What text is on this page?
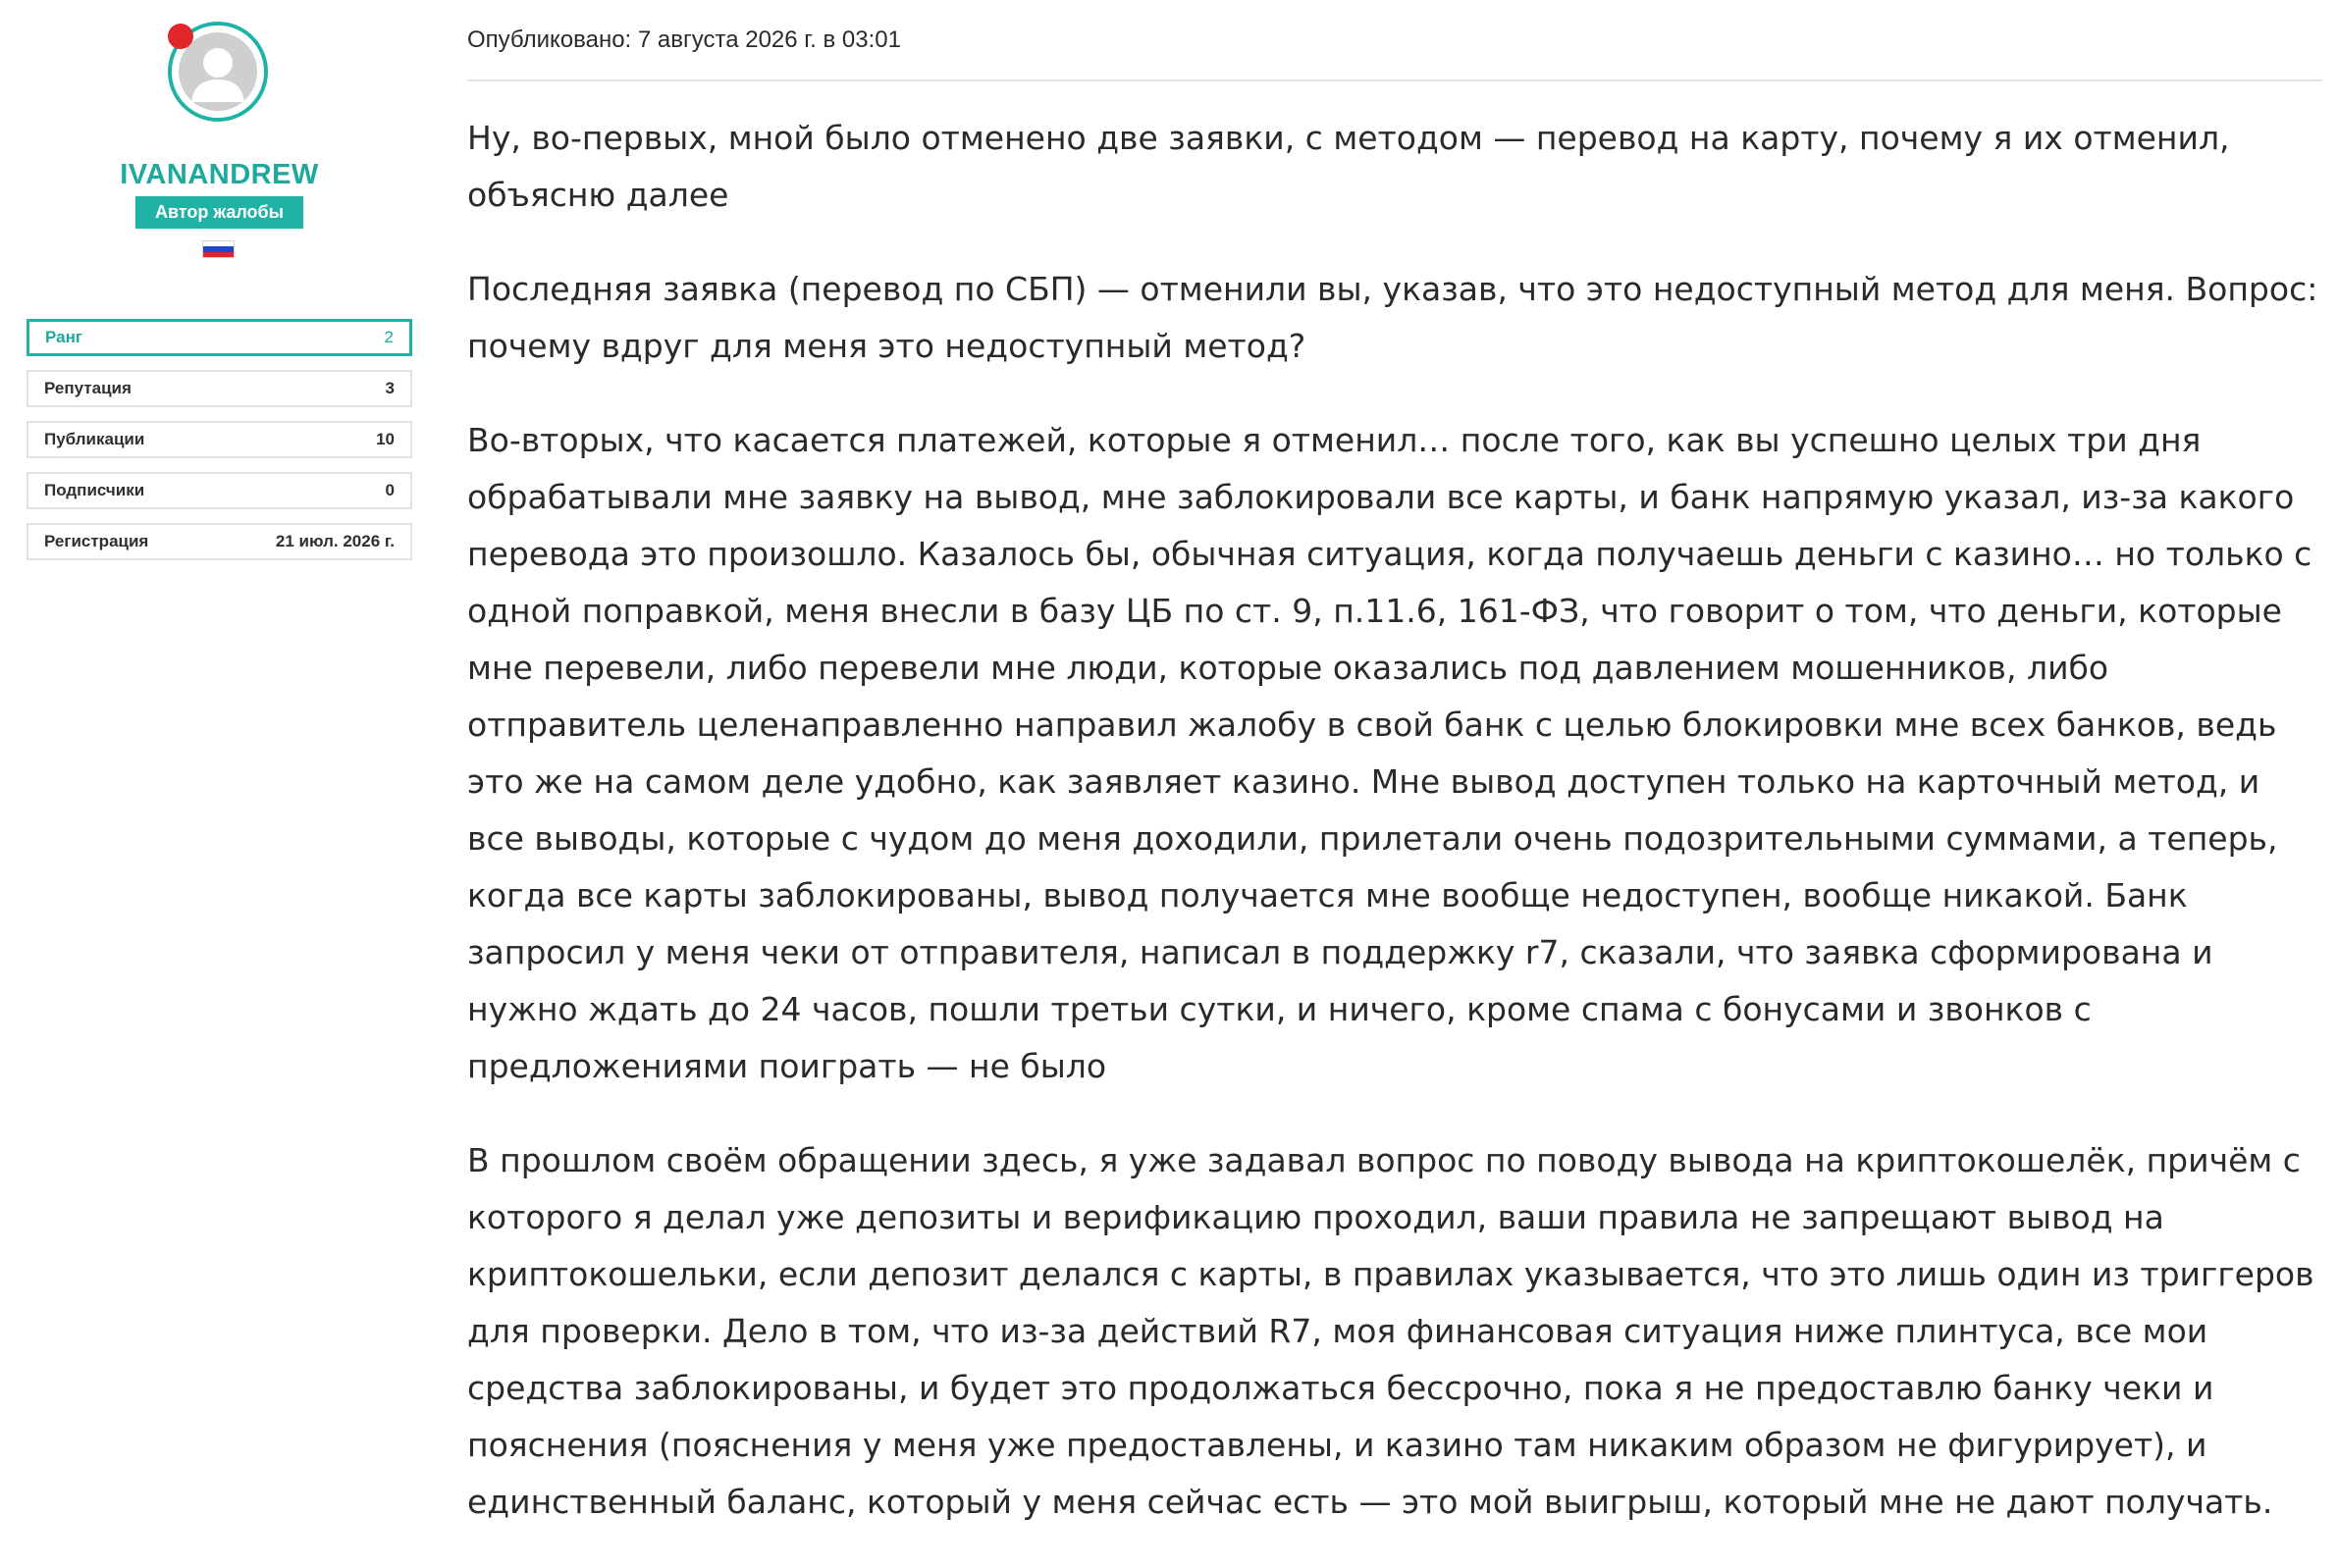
IVANANDREW
Автор жалобы
Ранг	2
Репутация	3
Публикации	10
Подписчики	0
Регистрация	21 июл. 2026 г.
Опубликовано: 7 августа 2026 г. в 03:01

Ну, во-первых, мной было отменено две заявки, с методом — перевод на карту, почему я их отменил, объясню далее

Последняя заявка (перевод по СБП) — отменили вы, указав, что это недоступный метод для меня. Вопрос: почему вдруг для меня это недоступный метод?

Во-вторых, что касается платежей, которые я отменил… после того, как вы успешно целых три дня обрабатывали мне заявку на вывод, мне заблокировали все карты, и банк напрямую указал, из-за какого перевода это произошло. Казалось бы, обычная ситуация, когда получаешь деньги с казино… но только с одной поправкой, меня внесли в базу ЦБ по ст. 9, п.11.6, 161-ФЗ, что говорит о том, что деньги, которые мне перевели, либо перевели мне люди, которые оказались под давлением мошенников, либо отправитель целенаправленно направил жалобу в свой банк с целью блокировки мне всех банков, ведь это же на самом деле удобно, как заявляет казино. Мне вывод доступен только на карточный метод, и все выводы, которые с чудом до меня доходили, прилетали очень подозрительными суммами, а теперь, когда все карты заблокированы, вывод получается мне вообще недоступен, вообще никакой. Банк запросил у меня чеки от отправителя, написал в поддержку r7, сказали, что заявка сформирована и нужно ждать до 24 часов, пошли третьи сутки, и ничего, кроме спама с бонусами и звонков с предложениями поиграть — не было

В прошлом своём обращении здесь, я уже задавал вопрос по поводу вывода на криптокошелёк, причём с которого я делал уже депозиты и верификацию проходил, ваши правила не запрещают вывод на криптокошельки, если депозит делался с карты, в правилах указывается, что это лишь один из триггеров для проверки. Дело в том, что из-за действий R7, моя финансовая ситуация ниже плинтуса, все мои средства заблокированы, и будет это продолжаться бессрочно, пока я не предоставлю банку чеки и пояснения (пояснения у меня уже предоставлены, и казино там никаким образом не фигурирует), и единственный баланс, который у меня сейчас есть — это мой выигрыш, который мне не дают получать.
